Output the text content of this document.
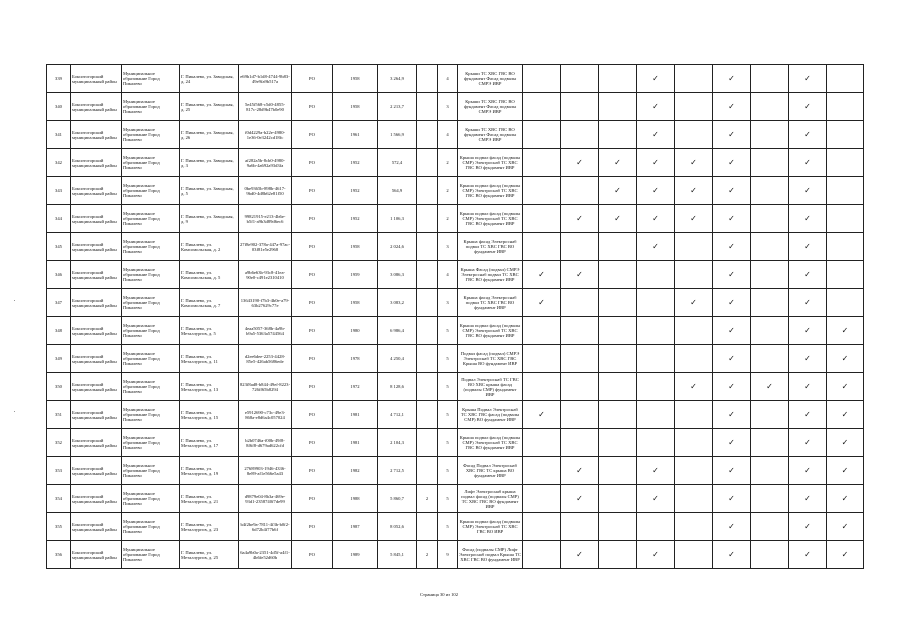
339	Бокситогорский муниципальный район	Муниципальное образование Город Пикалево	Г. Пикалево, ул. Заводская, д. 24	e69b1d7-b1d8-4744-9b83-49e9fa9b517a	РО	1958	3 264,9		4	Крыши ТС ХВС ГВС ВО фундамент Фасад подвалы СМРЭ ИВР				✓		✓		✓	
340	Бокситогорский муниципальный район	Муниципальное образование Город Пикалево	Г. Пикалево, ул. Заводская, д. 25	5e45f568-c5d0-4855-817c-28d9b47b0e90	РО	1958	2 213,7		3	Крыши ТС ХВС ГВС ВО фундамент Фасад подвалы СМРЭ ИВР				✓		✓		✓	
341	Бокситогорский муниципальный район	Муниципальное образование Город Пикалево	Г. Пикалево, ул. Заводская, д. 26	f0d4229a-b22e-4980-1e36-0e3242cd18fc	РО	1961	1 566,9		4	Крыши ТС ХВС ГВС ВО фундамент Фасад подвалы СМРЭ ИВР				✓		✓		✓	
342	Бокситогорский муниципальный район	Муниципальное образование Город Пикалево	Г. Пикалево, ул. Заводская, д. 3	af282a5b-8cb0-4980-9a6b-4a692a93d3fa	РО	1952	572,4		2	Крыша подвал фасад (подвалы СМР) Электроснаб ТС ХВС ГВС ВО фундамент ИВР		✓	✓	✓	✓	✓		✓	
343	Бокситогорский муниципальный район	Муниципальное образование Город Пикалево	Г. Пикалево, ул. Заводская, д. 5	0be9365b-898b-4617-9bd0-4d8b62e81f50	РО	1952	564,9		2	Крыша подвал фасад (подвалы СМР) Электроснаб ТС ХВС ГВС ВО фундамент ИВР			✓	✓	✓	✓		✓	
344	Бокситогорский муниципальный район	Муниципальное образование Город Пикалево	Г. Пикалево, ул. Заводская, д. 9	99821915-e213-4b6e-b5f1-a9b3d89d6ec6	РО	1952	1 106,3		2	Крыша подвал фасад (подвалы СМР) Электроснаб ТС ХВС ГВС ВО фундамент ИВР		✓	✓	✓	✓	✓		✓	
345	Бокситогорский муниципальный район	Муниципальное образование Город Пикалево	Г. Пикалево, ул. Комсомольская, д. 2	27f8e902-378a-447a-97ac-03f81e5e2968	РО	1958	2 024,6		3	Крыша фасад Электроснаб подвал ТС ХВС ГВС ВО фундамент ИВР				✓		✓		✓	
346	Бокситогорский муниципальный район	Муниципальное образование Город Пикалево	Г. Пикалево, ул. Комсомольская, д. 5	a9b6e63b-93c8-41ea-90e0-c491e2310410	РО	1959	3 086,3		4	Крыша Фасад (подвал) СМРЭ Электроснаб подвал ТС ХВС ГВС ВО фундамент ИВР	✓	✓				✓		✓	
347	Бокситогорский муниципальный район	Муниципальное образование Город Пикалево	Г. Пикалево, ул. Комсомольская, д. 7	13643190-f7b3-4b0e-a79-63b27629c77e	РО	1958	3 083,2		3	Крыша фасад Электроснаб подвал ТС ХВС ГВС ВО фундамент ИВР	✓				✓	✓		✓	
348	Бокситогорский муниципальный район	Муниципальное образование Город Пикалево	Г. Пикалево, ул. Металлургов, д. 5	4eaa5057-368b-4a9b-b9a5-5363a5744564	РО	1980	6 986,4		5	Крыша подвал фасад (подвалы СМР) Электроснаб ТС ХВС ГВС ВО фундамент ИВР						✓		✓	✓
349	Бокситогорский муниципальный район	Муниципальное образование Город Пикалево	Г. Пикалево, ул. Металлургов, д. 11	d2ee6dee-2253-4428-85e5-426ab5686ede	РО	1978	4 250,4		5	Подвал фасад (подвал) СМРЭ Электроснаб ТС ХВС ГВС Крыша ВО фундамент ИВР						✓		✓	✓
350	Бокситогорский муниципальный район	Муниципальное образование Город Пикалево	Г. Пикалево, ул. Металлургов, д. 13	823f8ad8-b844-49ef-8223-726ff65b8294	РО	1972	8 128,6		5	Подвал Электроснаб ТС ГВС ВО ХВС крыша фасад (подвалы СМР) фундамент ИВР					✓	✓	✓	✓	✓
351	Бокситогорский муниципальный район	Муниципальное образование Город Пикалево	Г. Пикалево, ул. Металлургов, д. 15	e5912690-c73c-49e3-868a-e8d6a4c057024	РО	1981	4 712,1		5	Крыша Подвал Электроснаб ТС ХВС ГВС фасад (подвалы СМР) ВО фундамент ИВР	✓					✓		✓	✓
352	Бокситогорский муниципальный район	Муниципальное образование Город Пикалево	Г. Пикалево, ул. Металлургов, д. 17	b2b0746a-f00b-49f8-8f6f8-d679ad622cfd	РО	1981	2 104,3		5	Крыша подвал фасад (подвалы СМР) Электроснаб ТС ХВС ГВС ВО фундамент ИВР						✓		✓	✓
353	Бокситогорский муниципальный район	Муниципальное образование Город Пикалево	Г. Пикалево, ул. Металлургов, д. 19	27689903-1946-4336-8e89-af1e566e5a43	РО	1982	2 712,5		5	Фасад Подвал Электроснаб ХВС ГВС ТС крыша ВО фундамент ИВР		✓		✓		✓		✓	✓
354	Бокситогорский муниципальный район	Муниципальное образование Город Пикалево	Г. Пикалево, ул. Металлургов, д. 21	d9879e04-8b3a-469e-93d1-2358740f7de99	РО	1988	5 860,7	2	5	Лифт Электроснаб крыша подвал фасад (подвалы СМР) ТС ХВС ГВС ВО фундамент ИВР		✓		✓		✓		✓	✓
355	Бокситогорский муниципальный район	Муниципальное образование Город Пикалево	Г. Пикалево, ул. Металлургов, д. 23	b4f2be9a-7811-4f3b-b0f2-6d72b4f77b6f	РО	1987	8 052,6		5	Крыша подвал фасад (подвалы СМР) Электроснаб ТС ХВС ГВС ВО ИВР						✓		✓	✓
356	Бокситогорский муниципальный район	Муниципальное образование Город Пикалево	Г. Пикалево, ул. Металлургов, д. 25	6a4a9b0a-2351-4d5f-a4f1-4b6fe52d60b	РО	1989	5 845,1	2	9	Фасад (подвалы СМР) Лифт Электроснаб подвал Крыша ТС ХВС ГВС ВО фундамент ИВР		✓		✓		✓		✓	✓
Страница 30 из 102
